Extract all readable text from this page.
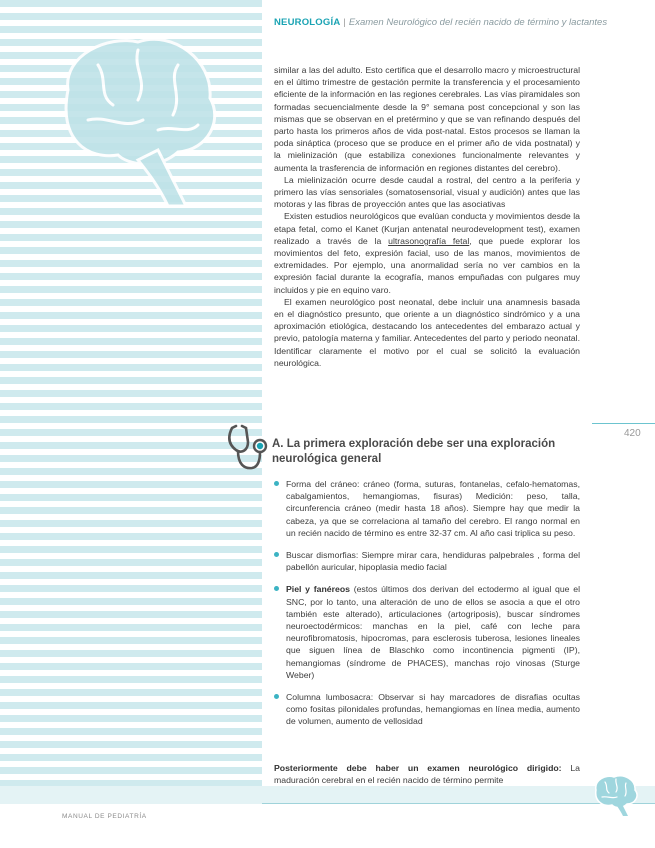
NEUROLOGÍA | Examen Neurológico del recién nacido de término y lactantes
420

similar a las del adulto. Esto certifica que el desarrollo macro y microestructural en el último trimestre de gestación permite la transferencia y el procesamiento eficiente de la información en las regiones cerebrales. Las vías piramidales son formadas secuencialmente desde la 9° semana post concepcional y son las mismas que se observan en el pretérmino y que se van refinando después del parto hasta los primeros años de vida post-natal. Estos procesos se llaman la poda sináptica (proceso que se produce en el primer año de vida postnatal) y la mielinización (que estabiliza conexiones funcionalmente relevantes y aumenta la trasferencia de información en regiones distantes del cerebro).

La mielinización ocurre desde caudal a rostral, del centro a la periferia y primero las vías sensoriales (somatosensorial, visual y audición) antes que las motoras y las fibras de proyección antes que las asociativas

Existen estudios neurológicos que evalúan conducta y movimientos desde la etapa fetal, como el Kanet (Kurjan antenatal neurodevelopment test), examen realizado a través de la ultrasonografía fetal, que puede explorar los movimientos del feto, expresión facial, uso de las manos, movimientos de extremidades. Por ejemplo, una anormalidad sería no ver cambios en la expresión facial durante la ecografía, manos empuñadas con pulgares muy incluidos y pie en equino varo.

El examen neurológico post neonatal, debe incluir una anamnesis basada en el diagnóstico presunto, que oriente a un diagnóstico sindrómico y a una aproximación etiológica, destacando los antecedentes del embarazo actual y previo, patología materna y familiar. Antecedentes del parto y periodo neonatal. Identificar claramente el motivo por el cual se solicitó la evaluación neurológica.

A. La primera exploración debe ser una exploración neurológica general
Forma del cráneo: cráneo (forma, suturas, fontanelas, cefalo-hematomas, cabalgamientos, hemangiomas, fisuras) Medición: peso, talla, circunferencia cráneo (medir hasta 18 años). Siempre hay que medir la cabeza, ya que se correlaciona al tamaño del cerebro. El rango normal en un recién nacido de término es entre 32-37 cm. Al año casi triplica su peso.
Buscar dismorfias: Siempre mirar cara, hendiduras palpebrales , forma del pabellón auricular, hipoplasia medio facial
Piel y fanéreos (estos últimos dos derivan del ectodermo al igual que el SNC, por lo tanto, una alteración de uno de ellos se asocia a que el otro también este alterado), articulaciones (artogriposis), buscar síndromes neuroectodérmicos: manchas en la piel, café con leche para neurofibromatosis, hipocromas, para esclerosis tuberosa, lesiones lineales que siguen línea de Blaschko como incontinencia pigmenti (IP), hemangiomas (síndrome de PHACES), manchas rojo vinosas (Sturge Weber)
Columna lumbosacra: Observar si hay marcadores de disrafias ocultas como fositas pilonidales profundas, hemangiomas en línea media, aumento de volumen, aumento de vellosidad
Posteriormente debe haber un examen neurológico dirigido: La maduración cerebral en el recién nacido de término permite
MANUAL DE PEDIATRÍA
